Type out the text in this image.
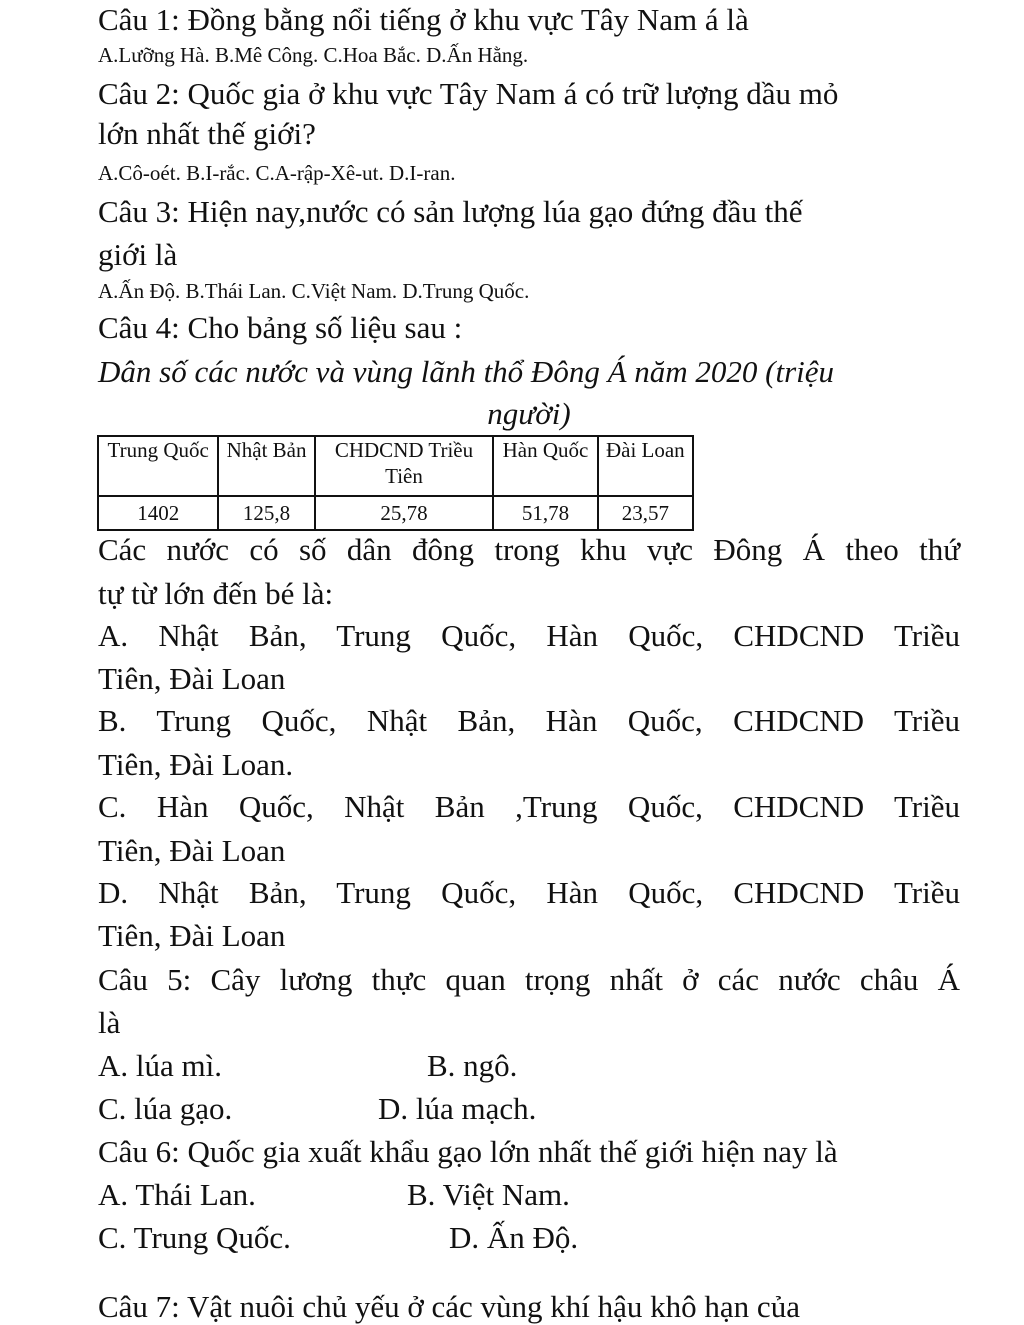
Câu 1: Đồng bằng nổi tiếng ở khu vực Tây Nam á là

A.Lưỡng Hà. B.Mê Công. C.Hoa Bắc. D.Ấn Hằng.

Câu 2: Quốc gia ở khu vực Tây Nam á có trữ lượng dầu mỏ

lớn nhất thế giới?

A.Cô-oét. B.I-rắc. C.A-rập-Xê-ut. D.I-ran.

Câu 3: Hiện nay,nước có sản lượng lúa gạo đứng đầu thế

giới là

A.Ấn Độ. B.Thái Lan. C.Việt Nam. D.Trung Quốc.

Câu 4: Cho bảng số liệu sau :

Dân số các nước và vùng lãnh thổ Đông Á năm 2020 (triệu

người)

Trung Quốc	Nhật Bản	CHDCND Triều Tiên	Hàn Quốc	Đài Loan
1402	125,8	25,78	51,78	23,57

Các nước có số dân đông trong khu vực Đông Á theo thứ

tự từ lớn đến bé là:

A. Nhật Bản, Trung Quốc, Hàn Quốc, CHDCND Triều

Tiên, Đài Loan

B. Trung Quốc, Nhật Bản, Hàn Quốc, CHDCND Triều

Tiên, Đài Loan.

C. Hàn Quốc, Nhật Bản ,Trung Quốc, CHDCND Triều

Tiên, Đài Loan

D. Nhật Bản, Trung Quốc, Hàn Quốc, CHDCND Triều

Tiên, Đài Loan

Câu 5: Cây lương thực quan trọng nhất ở các nước châu Á

là

A. lúa mì.	B. ngô.

C. lúa gạo.	D. lúa mạch.

Câu 6: Quốc gia xuất khẩu gạo lớn nhất thế giới hiện nay là

A. Thái Lan.	B. Việt Nam.

C. Trung Quốc.	D. Ấn Độ.

Câu 7: Vật nuôi chủ yếu ở các vùng khí hậu khô hạn của
